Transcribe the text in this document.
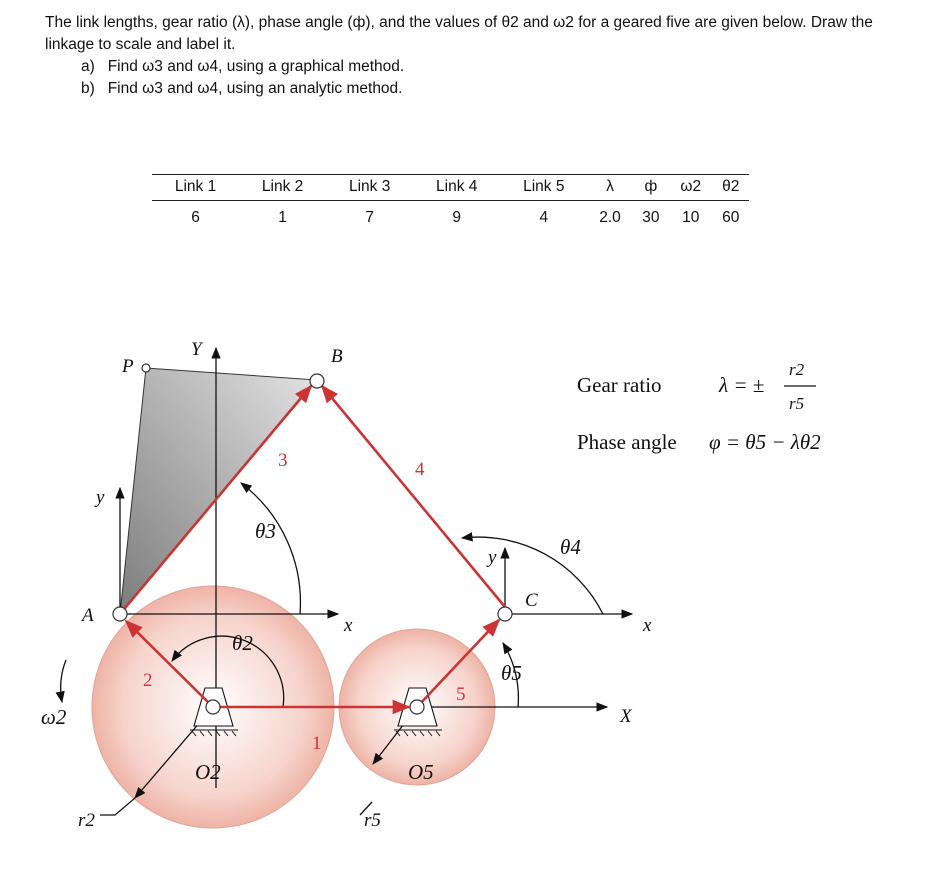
The link lengths, gear ratio (λ), phase angle (ф), and the values of θ2 and ω2 for a geared five are given below. Draw the linkage to scale and label it.

a) Find ω3 and ω4, using a graphical method.
b) Find ω3 and ω4, using an analytic method.
Link 1	Link 2	Link 3	Link 4	Link 5	λ	ф	ω2	θ2
6	1	7	9	4	2.0	30	10	60
P	B
A
C
Y
y
x
y
x
X
3	4
2
1
5
θ3
θ4
θ2
θ5
ω2
O2	O5
r2	r5
Gear ratio	λ = ±
r2
r5
Phase angle φ = θ5 − λθ2
